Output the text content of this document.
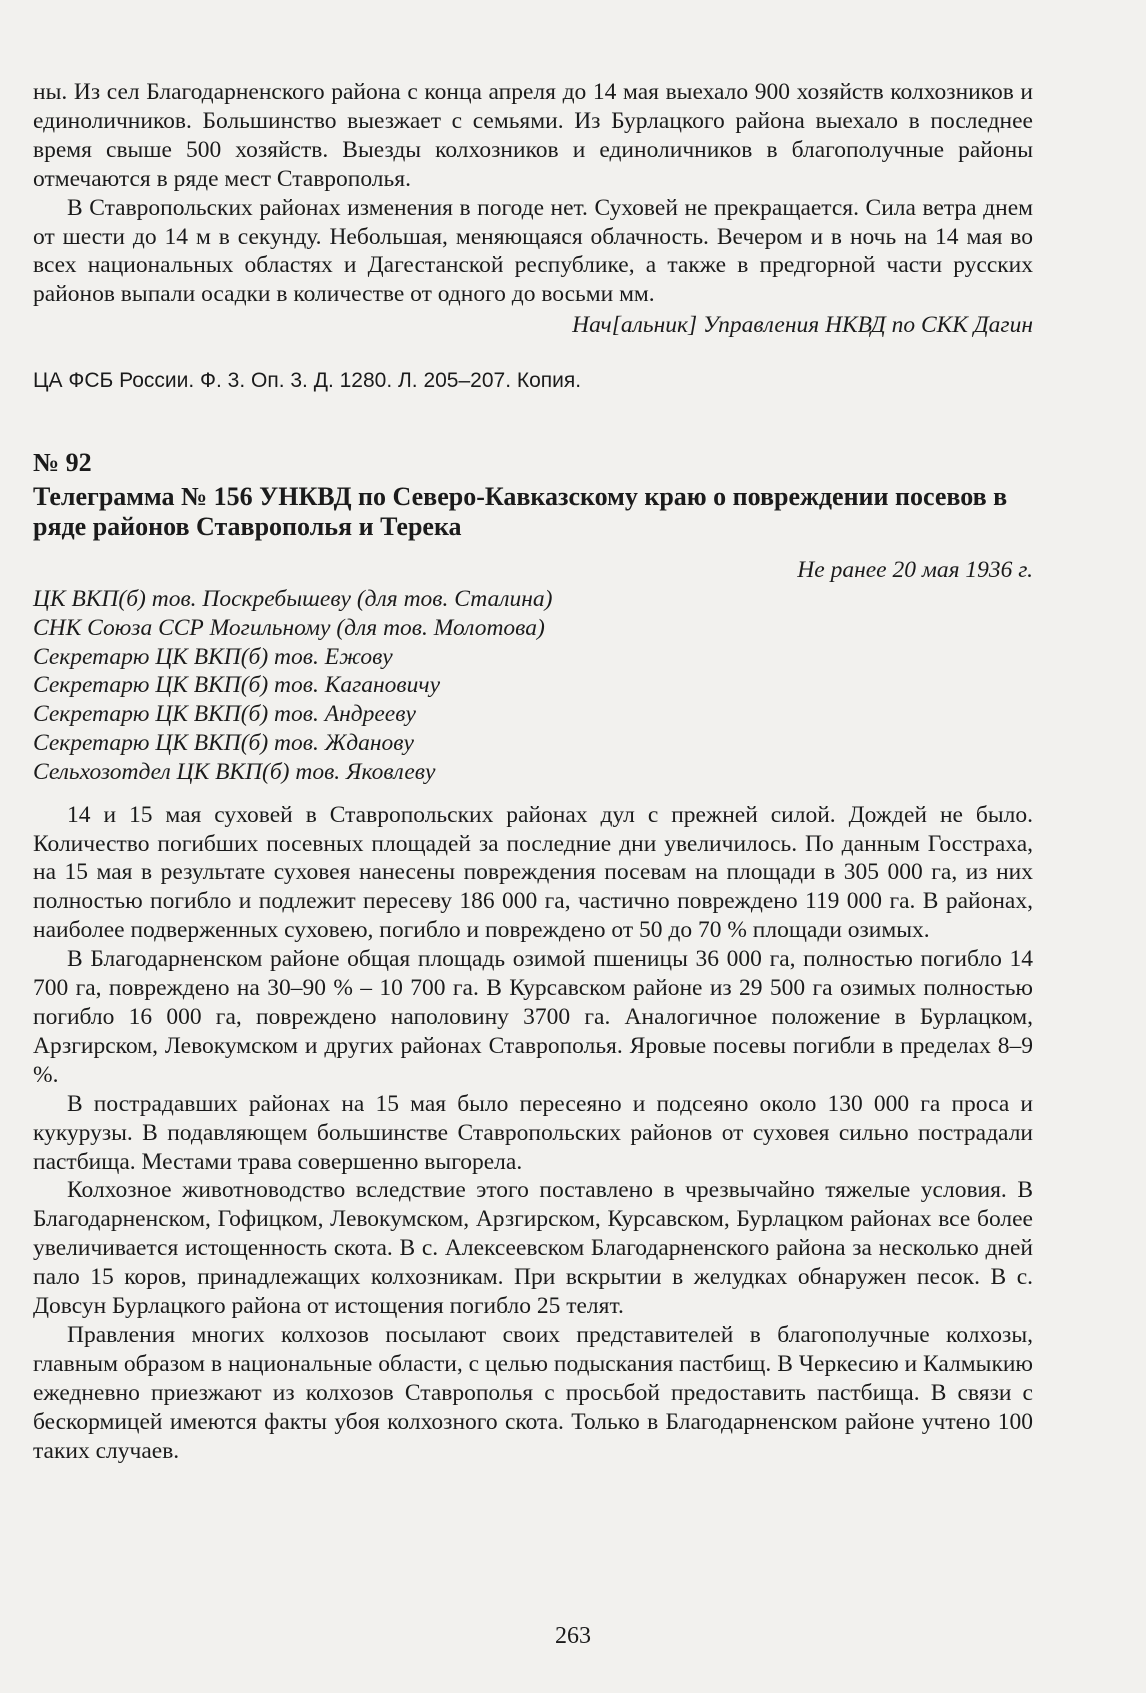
ны. Из сел Благодарненского района с конца апреля до 14 мая выехало 900 хозяйств колхозников и единоличников. Большинство выезжает с семьями. Из Бурлацкого района выехало в последнее время свыше 500 хозяйств. Выезды колхозников и единоличников в благополучные районы отмечаются в ряде мест Ставрополья.

В Ставропольских районах изменения в погоде нет. Суховей не прекращается. Сила ветра днем от шести до 14 м в секунду. Небольшая, меняющаяся облачность. Вечером и в ночь на 14 мая во всех национальных областях и Дагестанской республике, а также в предгорной части русских районов выпали осадки в количестве от одного до восьми мм.

Нач[альник] Управления НКВД по СКК Дагин

ЦА ФСБ России. Ф. 3. Оп. 3. Д. 1280. Л. 205–207. Копия.

№ 92

Телеграмма № 156 УНКВД по Северо-Кавказскому краю о повреждении посевов в ряде районов Ставрополья и Терека

Не ранее 20 мая 1936 г.

ЦК ВКП(б) тов. Поскребышеву (для тов. Сталина)

СНК Союза ССР Могильному (для тов. Молотова)

Секретарю ЦК ВКП(б) тов. Ежову

Секретарю ЦК ВКП(б) тов. Кагановичу

Секретарю ЦК ВКП(б) тов. Андрееву

Секретарю ЦК ВКП(б) тов. Жданову

Сельхозотдел ЦК ВКП(б) тов. Яковлеву

14 и 15 мая суховей в Ставропольских районах дул с прежней силой. Дождей не было. Количество погибших посевных площадей за последние дни увеличилось. По данным Госстраха, на 15 мая в результате суховея нанесены повреждения посевам на площади в 305 000 га, из них полностью погибло и подлежит пересеву 186 000 га, частично повреждено 119 000 га. В районах, наиболее подверженных суховею, погибло и повреждено от 50 до 70 % площади озимых.

В Благодарненском районе общая площадь озимой пшеницы 36 000 га, полностью погибло 14 700 га, повреждено на 30–90 % – 10 700 га. В Курсавском районе из 29 500 га озимых полностью погибло 16 000 га, повреждено наполовину 3700 га. Аналогичное положение в Бурлацком, Арзгирском, Левокумском и других районах Ставрополья. Яровые посевы погибли в пределах 8–9 %.

В пострадавших районах на 15 мая было пересеяно и подсеяно около 130 000 га проса и кукурузы. В подавляющем большинстве Ставропольских районов от суховея сильно пострадали пастбища. Местами трава совершенно выгорела.

Колхозное животноводство вследствие этого поставлено в чрезвычайно тяжелые условия. В Благодарненском, Гофицком, Левокумском, Арзгирском, Курсавском, Бурлацком районах все более увеличивается истощенность скота. В с. Алексеевском Благодарненского района за несколько дней пало 15 коров, принадлежащих колхозникам. При вскрытии в желудках обнаружен песок. В с. Довсун Бурлацкого района от истощения погибло 25 телят.

Правления многих колхозов посылают своих представителей в благополучные колхозы, главным образом в национальные области, с целью подыскания пастбищ. В Черкесию и Калмыкию ежедневно приезжают из колхозов Ставрополья с просьбой предоставить пастбища. В связи с бескормицей имеются факты убоя колхозного скота. Только в Благодарненском районе учтено 100 таких случаев.

263
